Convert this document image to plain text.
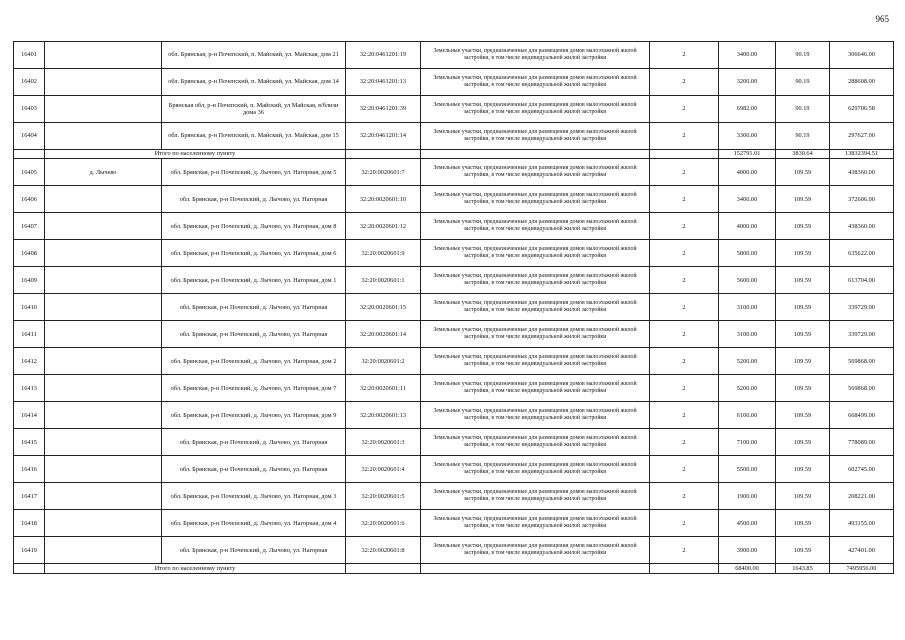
965
16401		обл. Брянская, р-н Почепский, п. Майский, ул. Майская, дом 21	32:20:0461201:19	Земельные участки, предназначенные для размещения домов малоэтажной жилой застройки, в том числе индивидуальной жилой застройки	2	3400.00	90.19	306646.00
16402		обл. Брянская, р-н Почепский, п. Майский, ул. Майская, дом 14	32:20:0461201:13	Земельные участки, предназначенные для размещения домов малоэтажной жилой застройки, в том числе индивидуальной жилой застройки	2	3200.00	90.19	288608.00
16403		Брянская обл, р-н Почепский, п. Майский, ул Майская, в/близи дома 36	32:20:0461201:39	Земельные участки, предназначенные для размещения домов малоэтажной жилой застройки, в том числе индивидуальной жилой застройки	2	6982.00	90.19	629706.58
16404		обл. Брянская, р-н Почепский, п. Майский, ул. Майская, дом 15	32:20:0461201:14	Земельные участки, предназначенные для размещения домов малоэтажной жилой застройки, в том числе индивидуальной жилой застройки	2	3300.00	90.19	297627.00
	Итого по населенному пункту					152791.01	3830.64	13832394.51
16405	д. Лычево	обл. Брянская, р-н Почепский, д. Лычово, ул. Нагорная, дом 5	32:20:0020601:7	Земельные участки, предназначенные для размещения домов малоэтажной жилой застройки, в том числе индивидуальной жилой застройки	2	4000.00	109.59	438360.00
16406		обл. Брянская, р-н Почепский, д. Лычово, ул. Нагорная	32:20:0020601:10	Земельные участки, предназначенные для размещения домов малоэтажной жилой застройки, в том числе индивидуальной жилой застройки	2	3400.00	109.59	372606.00
16407		обл. Брянская, р-н Почепский, д. Лычово, ул. Нагорная, дом 8	32:20:0020601:12	Земельные участки, предназначенные для размещения домов малоэтажной жилой застройки, в том числе индивидуальной жилой застройки	2	4000.00	109.59	438360.00
16408		обл. Брянская, р-н Почепский, д. Лычово, ул. Нагорная, дом 6	32:20:0020601:9	Земельные участки, предназначенные для размещения домов малоэтажной жилой застройки, в том числе индивидуальной жилой застройки	2	5800.00	109.59	635622.00
16409		обл. Брянская, р-н Почепский, д. Лычово, ул. Нагорная, дом 1	32:20:0020601:1	Земельные участки, предназначенные для размещения домов малоэтажной жилой застройки, в том числе индивидуальной жилой застройки	2	5600.00	109.59	613704.00
16410		обл. Брянская, р-н Почепский, д. Лычово, ул. Нагорная	32:20:0020601:15	Земельные участки, предназначенные для размещения домов малоэтажной жилой застройки, в том числе индивидуальной жилой застройки	2	3100.00	109.59	339729.00
16411		обл. Брянская, р-н Почепский, д. Лычово, ул. Нагорная	32:20:0020601:14	Земельные участки, предназначенные для размещения домов малоэтажной жилой застройки, в том числе индивидуальной жилой застройки	2	3100.00	109.59	339729.00
16412		обл. Брянская, р-н Почепский, д. Лычово, ул. Нагорная, дом 2	32:20:0020601:2	Земельные участки, предназначенные для размещения домов малоэтажной жилой застройки, в том числе индивидуальной жилой застройки	2	5200.00	109.59	569868.00
16413		обл. Брянская, р-н Почепский, д. Лычово, ул. Нагорная, дом 7	32:20:0020601:11	Земельные участки, предназначенные для размещения домов малоэтажной жилой застройки, в том числе индивидуальной жилой застройки	2	5200.00	109.59	569868.00
16414		обл. Брянская, р-н Почепский, д. Лычово, ул. Нагорная, дом 9	32:20:0020601:13	Земельные участки, предназначенные для размещения домов малоэтажной жилой застройки, в том числе индивидуальной жилой застройки	2	6100.00	109.59	668499.00
16415		обл. Брянская, р-н Почепский, д. Лычово, ул. Нагорная	32:20:0020601:3	Земельные участки, предназначенные для размещения домов малоэтажной жилой застройки, в том числе индивидуальной жилой застройки	2	7100.00	109.59	778089.00
16416		обл. Брянская, р-н Почепский, д. Лычово, ул. Нагорная	32:20:0020601:4	Земельные участки, предназначенные для размещения домов малоэтажной жилой застройки, в том числе индивидуальной жилой застройки	2	5500.00	109.59	602745.00
16417		обл. Брянская, р-н Почепский, д. Лычово, ул. Нагорная, дом 3	32:20:0020601:5	Земельные участки, предназначенные для размещения домов малоэтажной жилой застройки, в том числе индивидуальной жилой застройки	2	1900.00	109.59	208221.00
16418		обл. Брянская, р-н Почепский, д. Лычово, ул. Нагорная, дом 4	32:20:0020601:6	Земельные участки, предназначенные для размещения домов малоэтажной жилой застройки, в том числе индивидуальной жилой застройки	2	4500.00	109.59	493155.00
16419		обл. Брянская, р-н Почепский, д. Лычово, ул. Нагорная	32:20:0020601:8	Земельные участки, предназначенные для размещения домов малоэтажной жилой застройки, в том числе индивидуальной жилой застройки	2	3900.00	109.59	427401.00
	Итого по населенному пункту					68400.00	1643.85	7495956.00
